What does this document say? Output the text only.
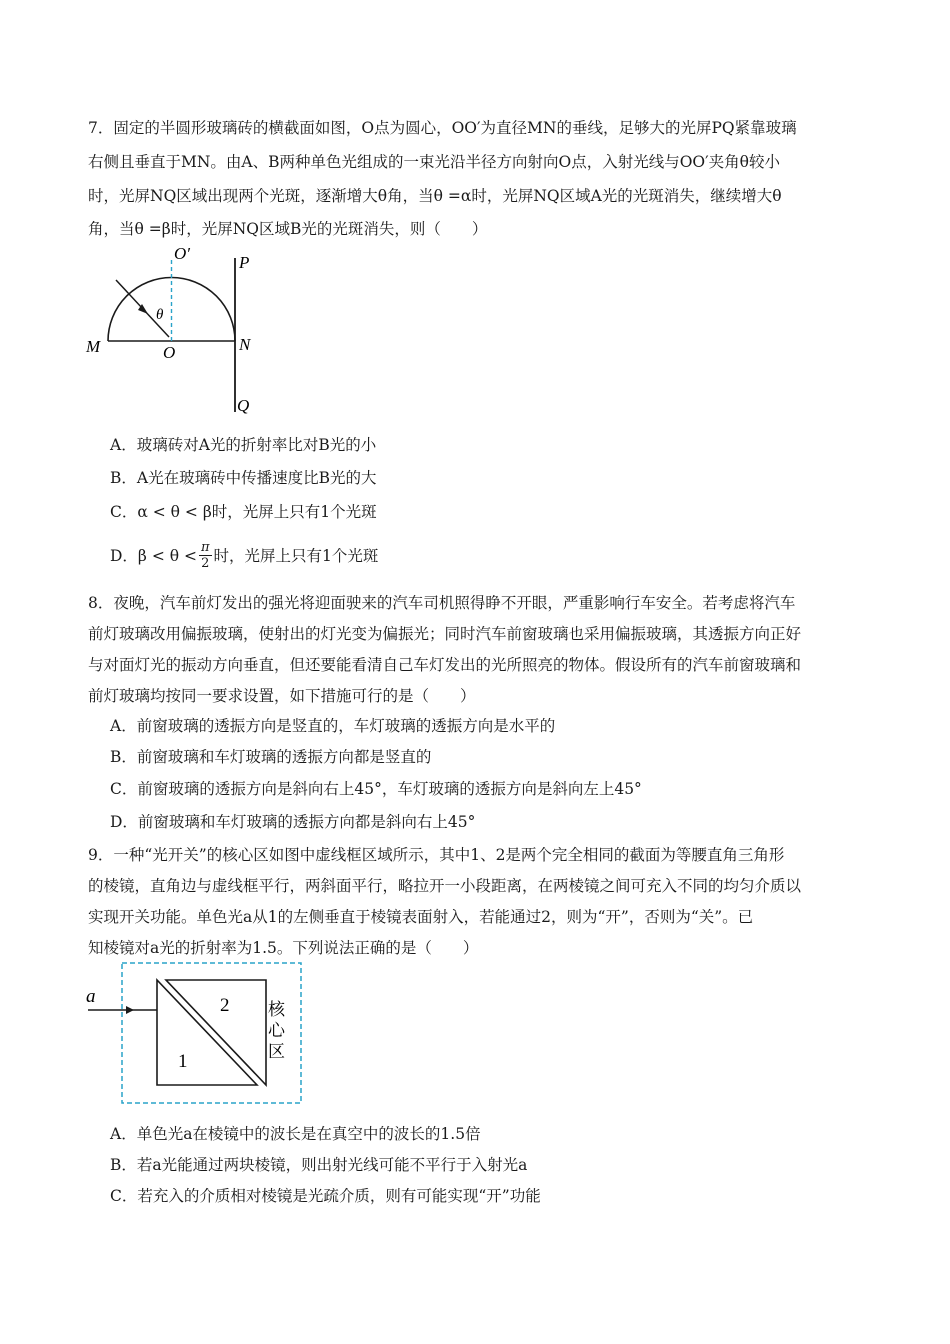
7．固定的半圆形玻璃砖的横截面如图，O点为圆心，OO′为直径MN的垂线，足够大的光屏PQ紧靠玻璃
右侧且垂直于MN。由A、B两种单色光组成的一束光沿半径方向射向O点，入射光线与OO′夹角θ较小
时，光屏NQ区域出现两个光斑，逐渐增大θ角，当θ =α时，光屏NQ区域A光的光斑消失，继续增大θ
角，当θ =β时，光屏NQ区域B光的光斑消失，则（　　）
O′	P
M	O	N
Q
θ
A．玻璃砖对A光的折射率比对B光的小
B．A光在玻璃砖中传播速度比B光的大
C．α < θ < β时，光屏上只有1个光斑
D．$\beta < \theta < \frac{\pi}{2}$ 时，光屏上只有1个光斑
8．夜晚，汽车前灯发出的强光将迎面驶来的汽车司机照得睁不开眼，严重影响行车安全。若考虑将汽车
前灯玻璃改用偏振玻璃，使射出的灯光变为偏振光；同时汽车前窗玻璃也采用偏振玻璃，其透振方向正好
与对面灯光的振动方向垂直，但还要能看清自己车灯发出的光所照亮的物体。假设所有的汽车前窗玻璃和
前灯玻璃均按同一要求设置，如下措施可行的是（　　）
A．前窗玻璃的透振方向是竖直的，车灯玻璃的透振方向是水平的
B．前窗玻璃和车灯玻璃的透振方向都是竖直的
C．前窗玻璃的透振方向是斜向右上45°，车灯玻璃的透振方向是斜向左上45°
D．前窗玻璃和车灯玻璃的透振方向都是斜向右上45°
9．一种“光开关”的核心区如图中虚线框区域所示，其中1、2是两个完全相同的截面为等腰直角三角形
的棱镜，直角边与虚线框平行，两斜面平行，略拉开一小段距离，在两棱镜之间可充入不同的均匀介质以
实现开关功能。单色光a从1的左侧垂直于棱镜表面射入，若能通过2，则为“开”，否则为“关”。已
知棱镜对a光的折射率为1.5。下列说法正确的是（　　）
a
1
2 核
心
区
A．单色光a在棱镜中的波长是在真空中的波长的1.5倍
B．若a光能通过两块棱镜，则出射光线可能不平行于入射光a
C．若充入的介质相对棱镜是光疏介质，则有可能实现“开”功能
